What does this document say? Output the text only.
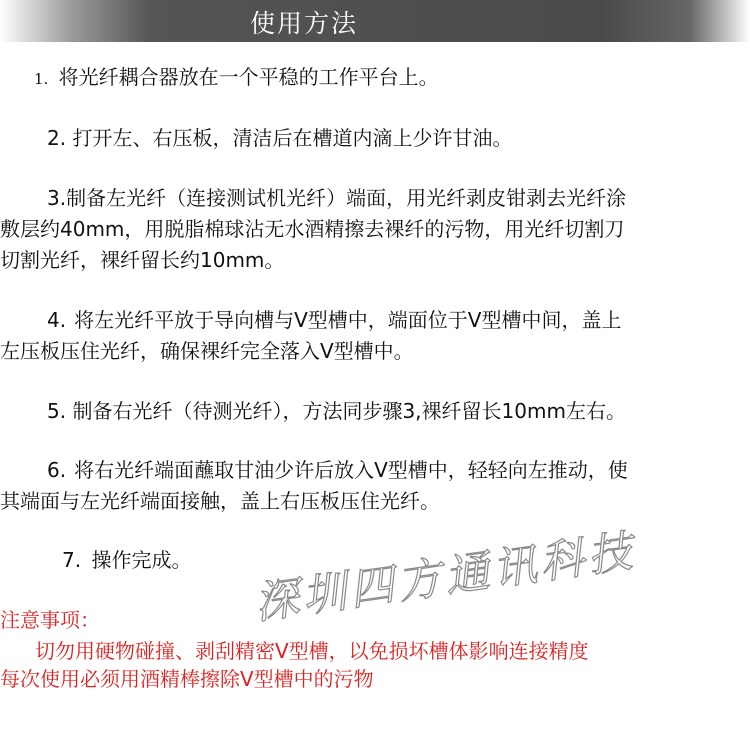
使用方法
1. 将光纤耦合器放在一个平稳的工作平台上。
2. 打开左、右压板，清洁后在槽道内滴上少许甘油。
3.制备左光纤（连接测试机光纤）端面，用光纤剥皮钳剥去光纤涂
敷层约40mm，用脱脂棉球沾无水酒精擦去裸纤的污物，用光纤切割刀
切割光纤，裸纤留长约10mm。
4. 将左光纤平放于导向槽与V型槽中，端面位于V型槽中间，盖上
左压板压住光纤，确保裸纤完全落入V型槽中。
5. 制备右光纤（待测光纤），方法同步骤3,裸纤留长10mm左右。
6. 将右光纤端面蘸取甘油少许后放入V型槽中，轻轻向左推动，使
其端面与左光纤端面接触，盖上右压板压住光纤。
7. 操作完成。
注意事项：
切勿用硬物碰撞、剥刮精密V型槽，以免损坏槽体影响连接精度
每次使用必须用酒精棒擦除V型槽中的污物
深圳四方通讯科技
